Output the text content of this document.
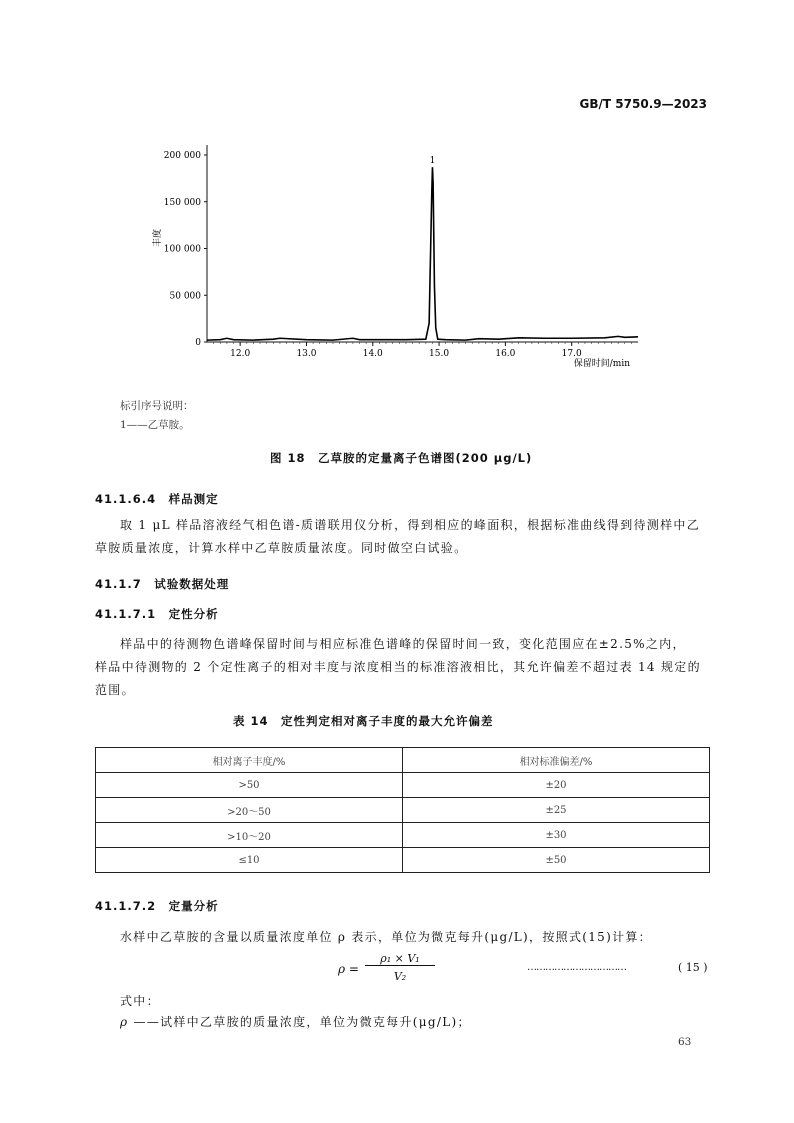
GB/T 5750.9—2023
12.0	13.0	14.0	15.0	16.0	17.0
0
50 000
100 000
150 000
200 000
丰度
保留时间/min
1
标引序号说明：
1——乙草胺。
图 18　乙草胺的定量离子色谱图(200 μg/L)
41.1.6.4　 样品测定
取 1 μL 样品溶液经气相色谱-质谱联用仪分析，得到相应的峰面积，根据标准曲线得到待测样中乙
草胺质量浓度，计算水样中乙草胺质量浓度。同时做空白试验。
41.1.7　 试验数据处理
41.1.7.1　 定性分析
样品中的待测物色谱峰保留时间与相应标准色谱峰的保留时间一致，变化范围应在±2.5%之内，
样品中待测物的 2 个定性离子的相对丰度与浓度相当的标准溶液相比，其允许偏差不超过表 14 规定的
范围。
表 14　定性判定相对离子丰度的最大允许偏差
相对离子丰度/%	相对标准偏差/%
>50	±20
>20～50	±25
>10～20	±30
≤10	±50
41.1.7.2　 定量分析
水样中乙草胺的含量以质量浓度单位 ρ 表示，单位为微克每升(μg/L)，按照式(15)计算：
ρ =
ρ₁ × V₁
V₂
……………………………	( 15 )
式中：
ρ ——试样中乙草胺的质量浓度，单位为微克每升(μg/L)；
63
